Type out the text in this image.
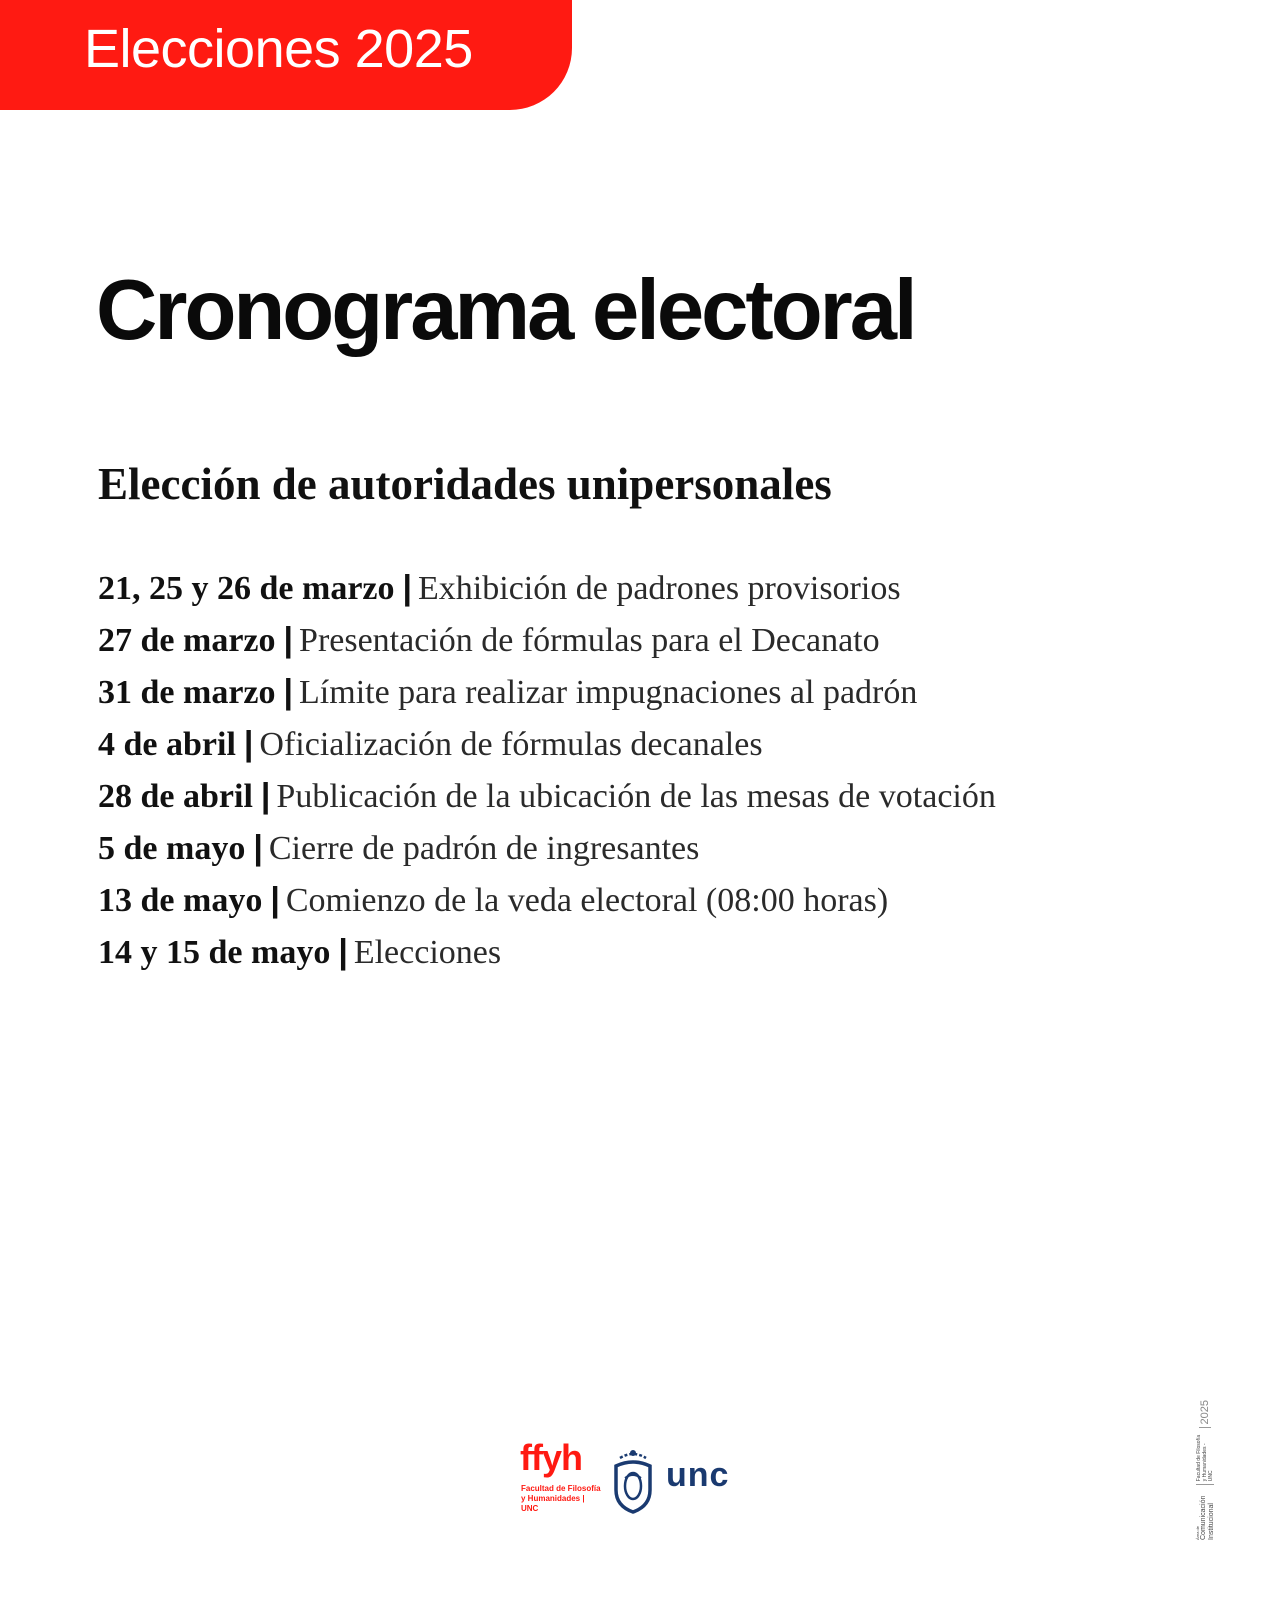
Elecciones 2025
Cronograma electoral
Elección de autoridades unipersonales
21, 25 y 26 de marzo | Exhibición de padrones provisorios
27 de marzo | Presentación de fórmulas para el Decanato
31 de marzo | Límite para realizar impugnaciones al padrón
4 de abril | Oficialización de fórmulas decanales
28 de abril | Publicación de la ubicación de las mesas de votación
5 de mayo | Cierre de padrón de ingresantes
13 de mayo | Comienzo de la veda electoral (08:00 horas)
14 y 15 de mayo | Elecciones
ffyh
Facultad de Filosofía
y Humanidades | UNC
unc
Área de Comunicación Institucional
Facultad de Filosofía y Humanidades - UNC
2025
